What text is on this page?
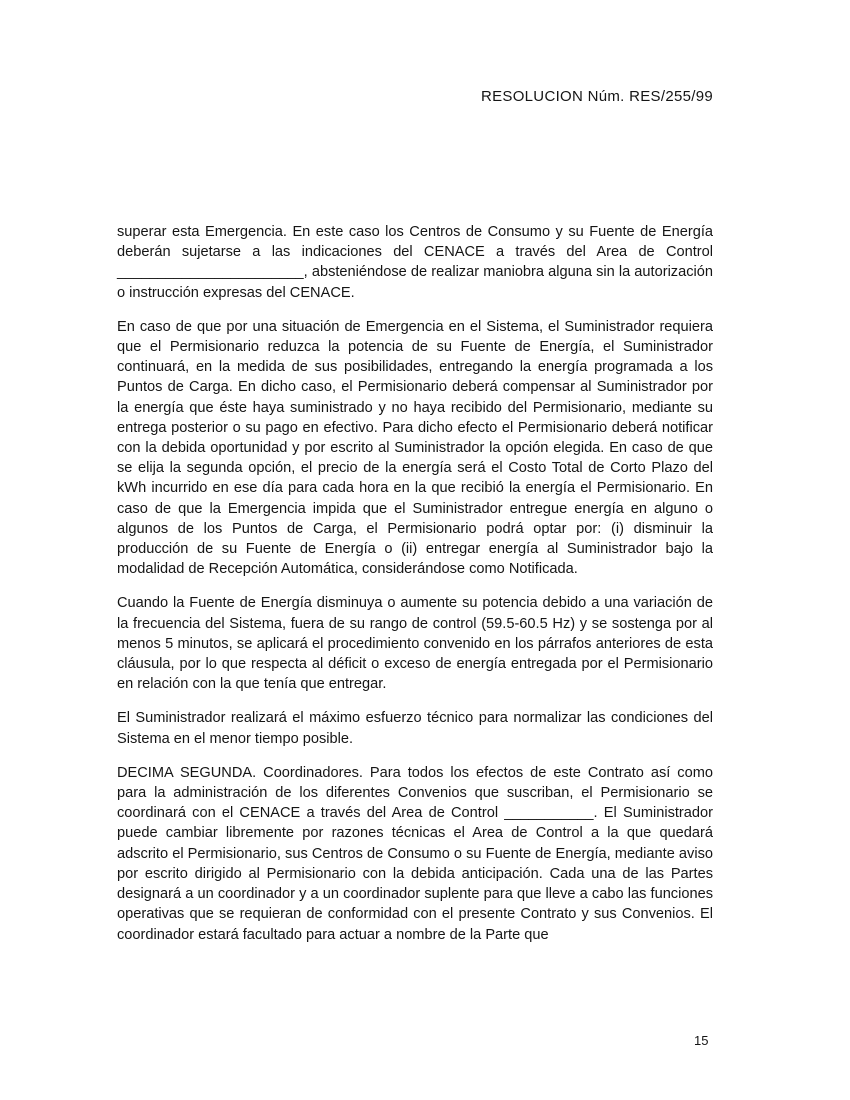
RESOLUCION Núm. RES/255/99

superar esta Emergencia. En este caso los Centros de Consumo y su Fuente de Energía deberán sujetarse a las indicaciones del CENACE a través del Area de Control _______________________, absteniéndose de realizar maniobra alguna sin la autorización o instrucción expresas del CENACE.

En caso de que por una situación de Emergencia en el Sistema, el Suministrador requiera que el Permisionario reduzca la potencia de su Fuente de Energía, el Suministrador continuará, en la medida de sus posibilidades, entregando la energía programada a los Puntos de Carga. En dicho caso, el Permisionario deberá compensar al Suministrador por la energía que éste haya suministrado y no haya recibido del Permisionario, mediante su entrega posterior o su pago en efectivo. Para dicho efecto el Permisionario deberá notificar con la debida oportunidad y por escrito al Suministrador la opción elegida. En caso de que se elija la segunda opción, el precio de la energía será el Costo Total de Corto Plazo del kWh incurrido en ese día para cada hora en la que recibió la energía el Permisionario. En caso de que la Emergencia impida que el Suministrador entregue energía en alguno o algunos de los Puntos de Carga, el Permisionario podrá optar por: (i) disminuir la producción de su Fuente de Energía o (ii) entregar energía al Suministrador bajo la modalidad de Recepción Automática, considerándose como Notificada.

Cuando la Fuente de Energía disminuya o aumente su potencia debido a una variación de la frecuencia del Sistema, fuera de su rango de control (59.5-60.5 Hz) y se sostenga por al menos 5 minutos, se aplicará el procedimiento convenido en los párrafos anteriores de esta cláusula, por lo que respecta al déficit o exceso de energía entregada por el Permisionario en relación con la que tenía que entregar.

El Suministrador realizará el máximo esfuerzo técnico para normalizar las condiciones del Sistema en el menor tiempo posible.

DECIMA SEGUNDA. Coordinadores. Para todos los efectos de este Contrato así como para la administración de los diferentes Convenios que suscriban, el Permisionario se coordinará con el CENACE a través del Area de Control ___________. El Suministrador puede cambiar libremente por razones técnicas el Area de Control a la que quedará adscrito el Permisionario, sus Centros de Consumo o su Fuente de Energía, mediante aviso por escrito dirigido al Permisionario con la debida anticipación. Cada una de las Partes designará a un coordinador y a un coordinador suplente para que lleve a cabo las funciones operativas que se requieran de conformidad con el presente Contrato y sus Convenios. El coordinador estará facultado para actuar a nombre de la Parte que

15
